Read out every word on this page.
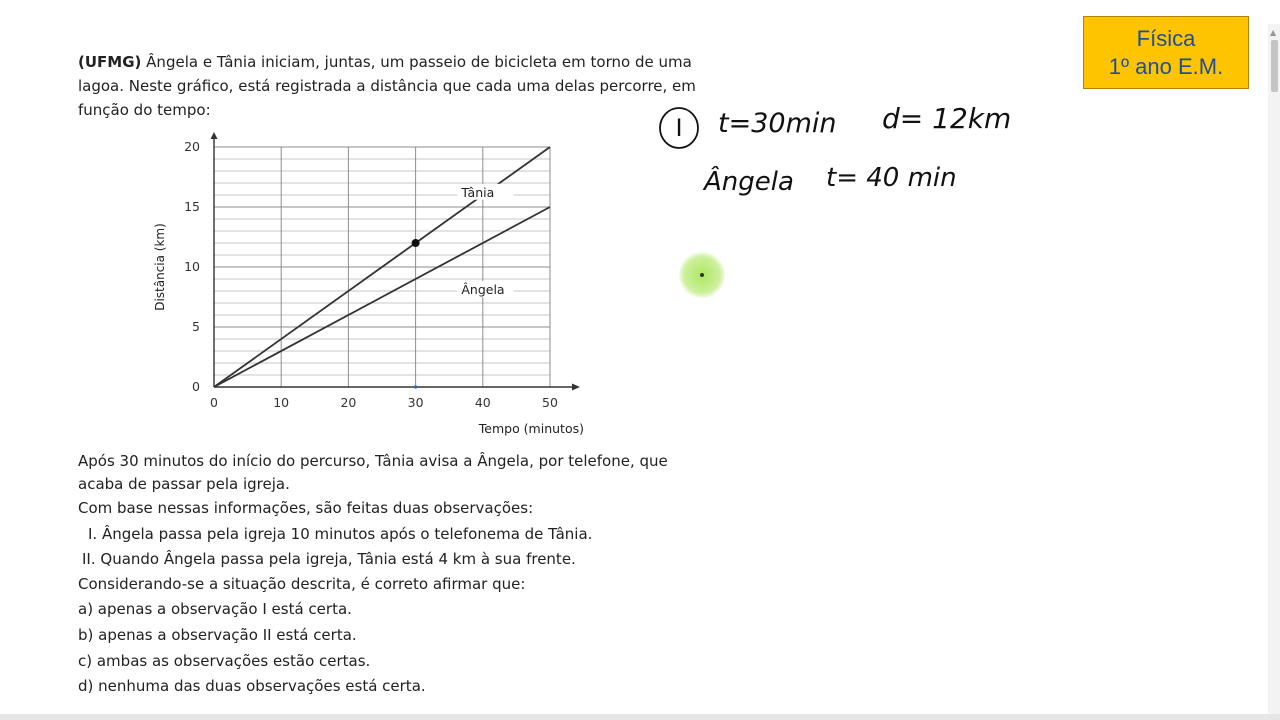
(UFMG) Ângela e Tânia iniciam, juntas, um passeio de bicicleta em torno de uma
lagoa. Neste gráfico, está registrada a distância que cada uma delas percorre, em
função do tempo:
0	10	20	30	40	50
0
5
10
15
20
Tempo (minutos)
Distância (km)
Tânia
Ângela
Após 30 minutos do início do percurso, Tânia avisa a Ângela, por telefone, que
acaba de passar pela igreja.
Com base nessas informações, são feitas duas observações:
I. Ângela passa pela igreja 10 minutos após o telefonema de Tânia.
II. Quando Ângela passa pela igreja, Tânia está 4 km à sua frente.
Considerando-se a situação descrita, é correto afirmar que:
a) apenas a observação I está certa.
b) apenas a observação II está certa.
c) ambas as observações estão certas.
d) nenhuma das duas observações está certa.
Física
1º ano E.M.
I t=30min d= 12km
Ângela t= 40 min
▲
